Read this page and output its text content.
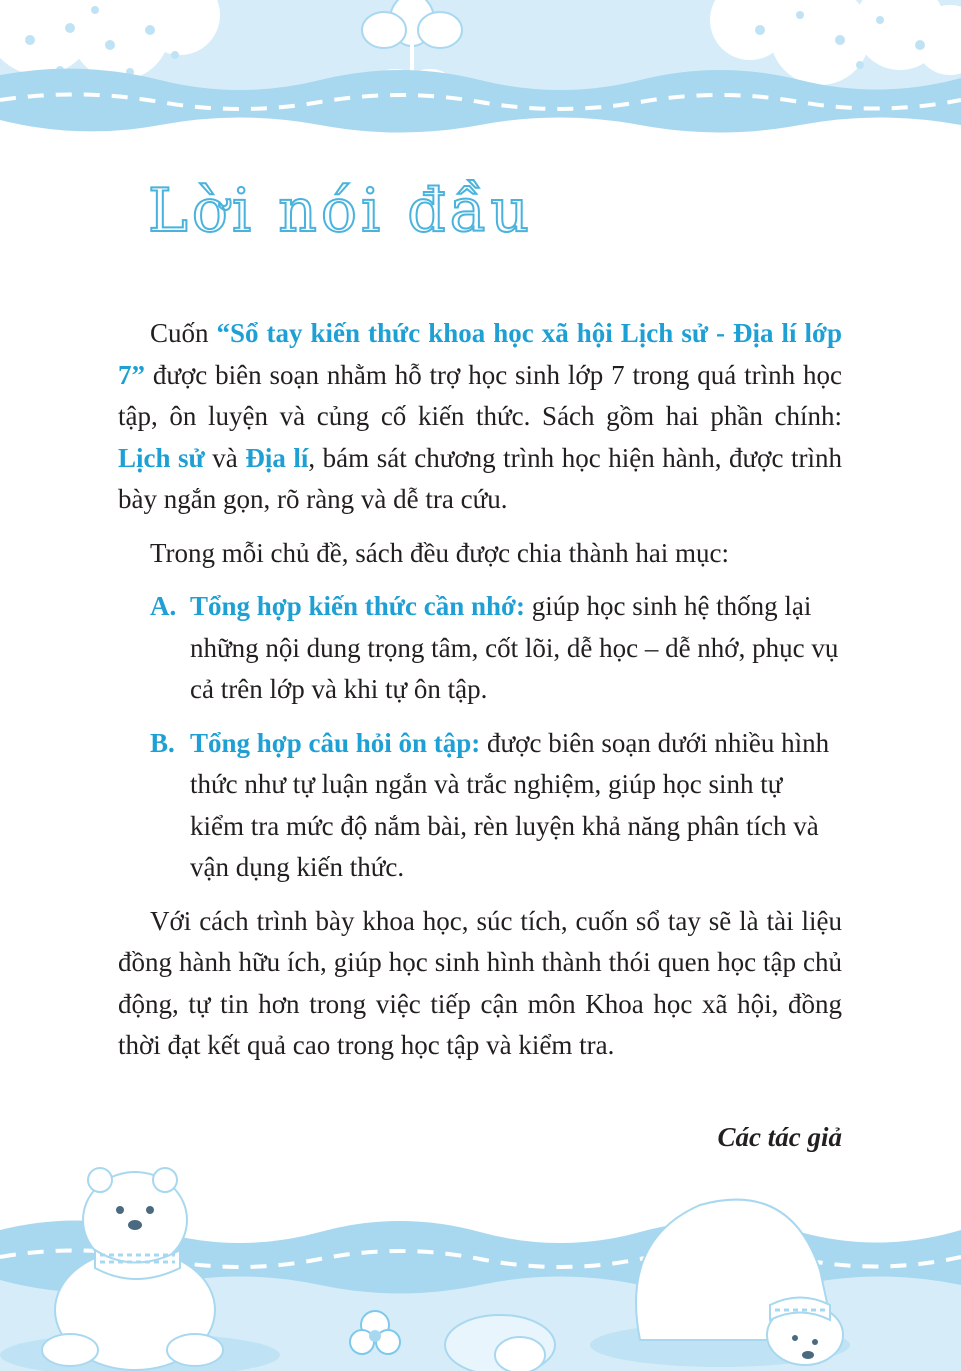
Lời nói đầu

Cuốn “Sổ tay kiến thức khoa học xã hội Lịch sử - Địa lí lớp 7” được biên soạn nhằm hỗ trợ học sinh lớp 7 trong quá trình học tập, ôn luyện và củng cố kiến thức. Sách gồm hai phần chính: Lịch sử và Địa lí, bám sát chương trình học hiện hành, được trình bày ngắn gọn, rõ ràng và dễ tra cứu.

Trong mỗi chủ đề, sách đều được chia thành hai mục:

A. Tổng hợp kiến thức cần nhớ: giúp học sinh hệ thống lại những nội dung trọng tâm, cốt lõi, dễ học – dễ nhớ, phục vụ cả trên lớp và khi tự ôn tập.
B. Tổng hợp câu hỏi ôn tập: được biên soạn dưới nhiều hình thức như tự luận ngắn và trắc nghiệm, giúp học sinh tự kiểm tra mức độ nắm bài, rèn luyện khả năng phân tích và vận dụng kiến thức.

Với cách trình bày khoa học, súc tích, cuốn sổ tay sẽ là tài liệu đồng hành hữu ích, giúp học sinh hình thành thói quen học tập chủ động, tự tin hơn trong việc tiếp cận môn Khoa học xã hội, đồng thời đạt kết quả cao trong học tập và kiểm tra.

Các tác giả
